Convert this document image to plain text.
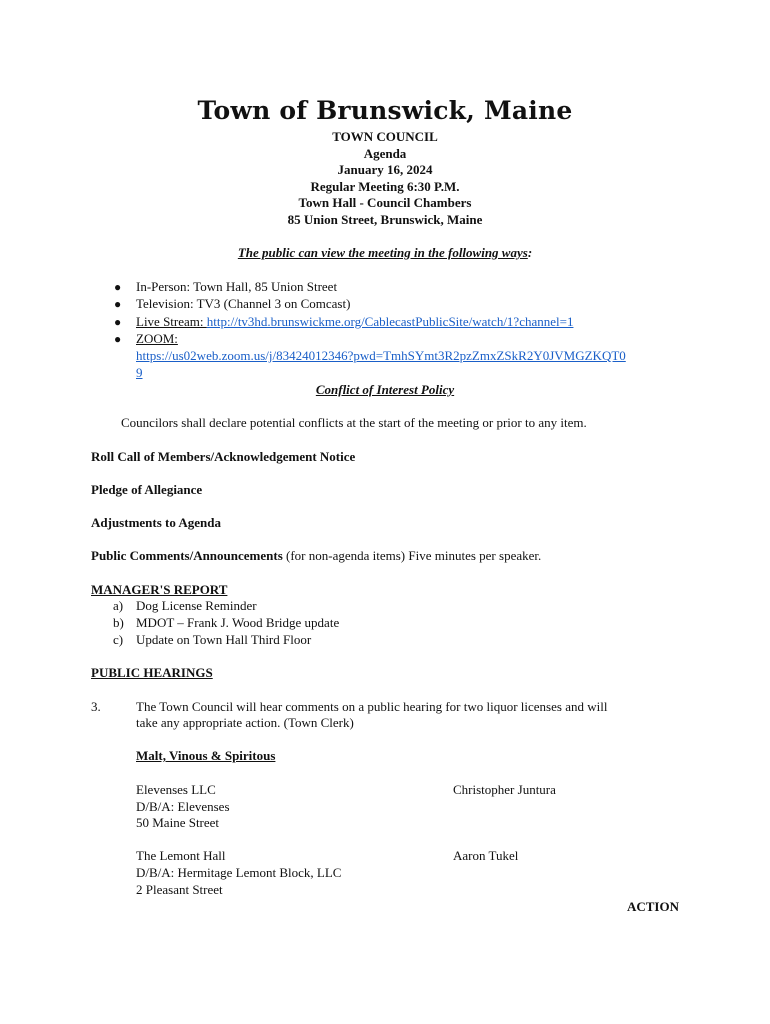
Town of Brunswick, Maine
TOWN COUNCIL
Agenda
January 16, 2024
Regular Meeting 6:30 P.M.
Town Hall - Council Chambers
85 Union Street, Brunswick, Maine
The public can view the meeting in the following ways:
● In-Person: Town Hall, 85 Union Street
● Television: TV3 (Channel 3 on Comcast)
● Live Stream: http://tv3hd.brunswickme.org/CablecastPublicSite/watch/1?channel=1
● ZOOM:
https://us02web.zoom.us/j/83424012346?pwd=TmhSYmt3R2pzZmxZSkR2Y0JVMGZKQT0
9
Conflict of Interest Policy
Councilors shall declare potential conflicts at the start of the meeting or prior to any item.
Roll Call of Members/Acknowledgement Notice
Pledge of Allegiance
Adjustments to Agenda
Public Comments/Announcements (for non-agenda items) Five minutes per speaker.
MANAGER'S REPORT
a) Dog License Reminder
b) MDOT – Frank J. Wood Bridge update
c) Update on Town Hall Third Floor
PUBLIC HEARINGS
3.	The Town Council will hear comments on a public hearing for two liquor licenses and will
take any appropriate action. (Town Clerk)
Malt, Vinous & Spiritous
Elevenses LLC
D/B/A: Elevenses
50 Maine Street
Christopher Juntura
The Lemont Hall
D/B/A: Hermitage Lemont Block, LLC
2 Pleasant Street
Aaron Tukel
ACTION
